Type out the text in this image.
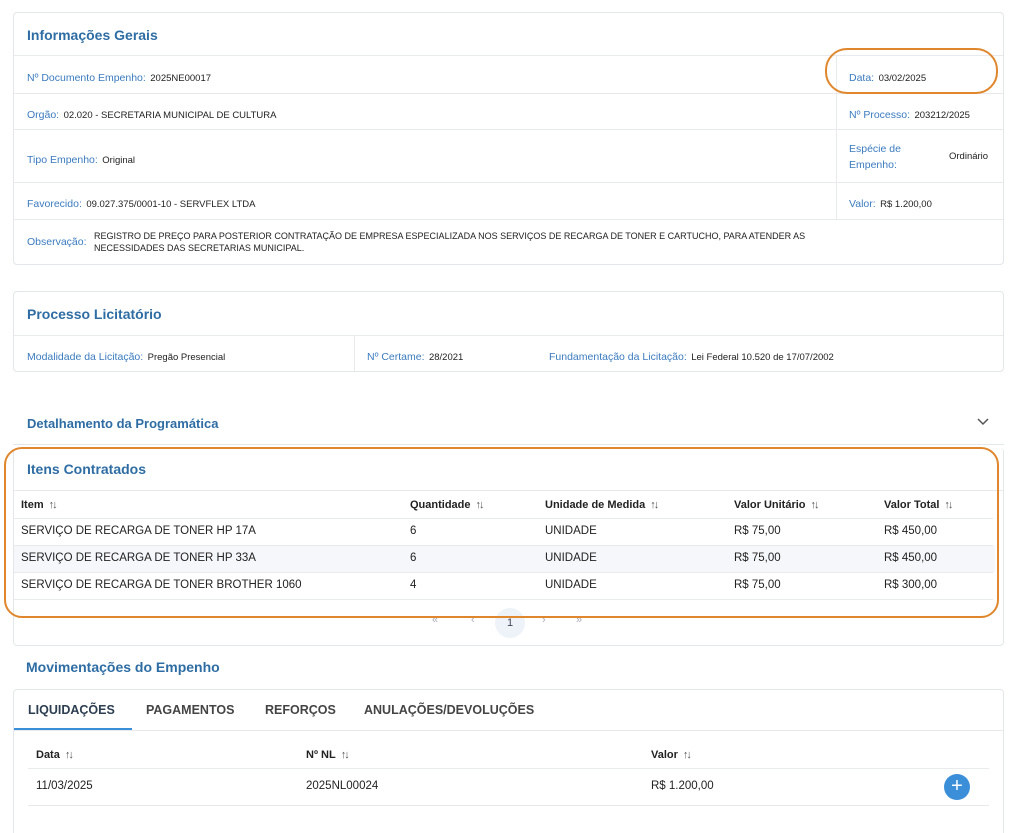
Informações Gerais
Nº Documento Empenho: 2025NE00017	Data: 03/02/2025
Orgão: 02.020 - SECRETARIA MUNICIPAL DE CULTURA	Nº Processo: 203212/2025
Tipo Empenho: Original
Espécie de
Empenho:
Ordinário
Favorecido: 09.027.375/0001-10 - SERVFLEX LTDA	Valor: R$ 1.200,00
Observação: REGISTRO DE PREÇO PARA POSTERIOR CONTRATAÇÃO DE EMPRESA ESPECIALIZADA NOS SERVIÇOS DE RECARGA DE TONER E CARTUCHO, PARA ATENDER AS
NECESSIDADES DAS SECRETARIAS MUNICIPAL.
Processo Licitatório
Modalidade da Licitação: Pregão Presencial	Nº Certame: 28/2021	Fundamentação da Licitação: Lei Federal 10.520 de 17/07/2002
Detalhamento da Programática
Itens Contratados
Item ↑↓	Quantidade ↑↓	Unidade de Medida ↑↓	Valor Unitário ↑↓	Valor Total ↑↓
SERVIÇO DE RECARGA DE TONER HP 17A	6	UNIDADE	R$ 75,00	R$ 450,00
SERVIÇO DE RECARGA DE TONER HP 33A	6	UNIDADE	R$ 75,00	R$ 450,00
SERVIÇO DE RECARGA DE TONER BROTHER 1060	4	UNIDADE	R$ 75,00	R$ 300,00
«	‹	1	›	»
Movimentações do Empenho
LIQUIDAÇÕES PAGAMENTOS REFORÇOS ANULAÇÕES/DEVOLUÇÕES
Data ↑↓	Nº NL ↑↓	Valor ↑↓
11/03/2025	2025NL00024	R$ 1.200,00	+
